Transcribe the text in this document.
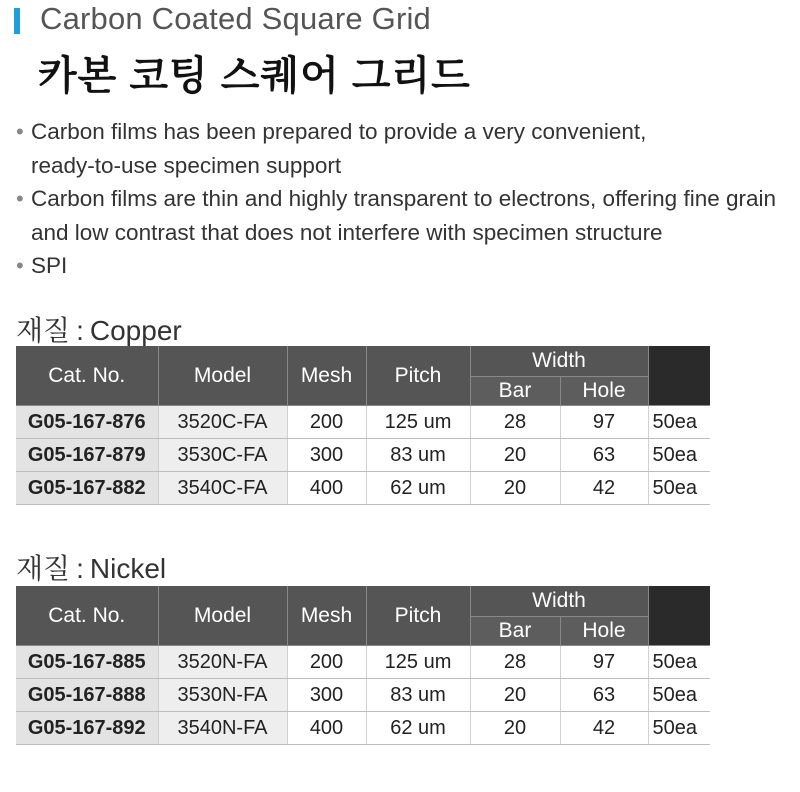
Carbon Coated Square Grid
카본 코팅 스퀘어 그리드
• Carbon films has been prepared to provide a very convenient,
ready-to-use specimen support
• Carbon films are thin and highly transparent to electrons, offering fine grain and low contrast that does not interfere with specimen structure
• SPI
재질 : Copper
Cat. No.	Model	Mesh	Pitch	Width		
				Bar	Hole	
G05-167-876	3520C-FA	200	125 um	28	97	50ea
G05-167-879	3530C-FA	300	83 um	20	63	50ea
G05-167-882	3540C-FA	400	62 um	20	42	50ea
재질 : Nickel
Cat. No.	Model	Mesh	Pitch	Width		
				Bar	Hole	
G05-167-885	3520N-FA	200	125 um	28	97	50ea
G05-167-888	3530N-FA	300	83 um	20	63	50ea
G05-167-892	3540N-FA	400	62 um	20	42	50ea
